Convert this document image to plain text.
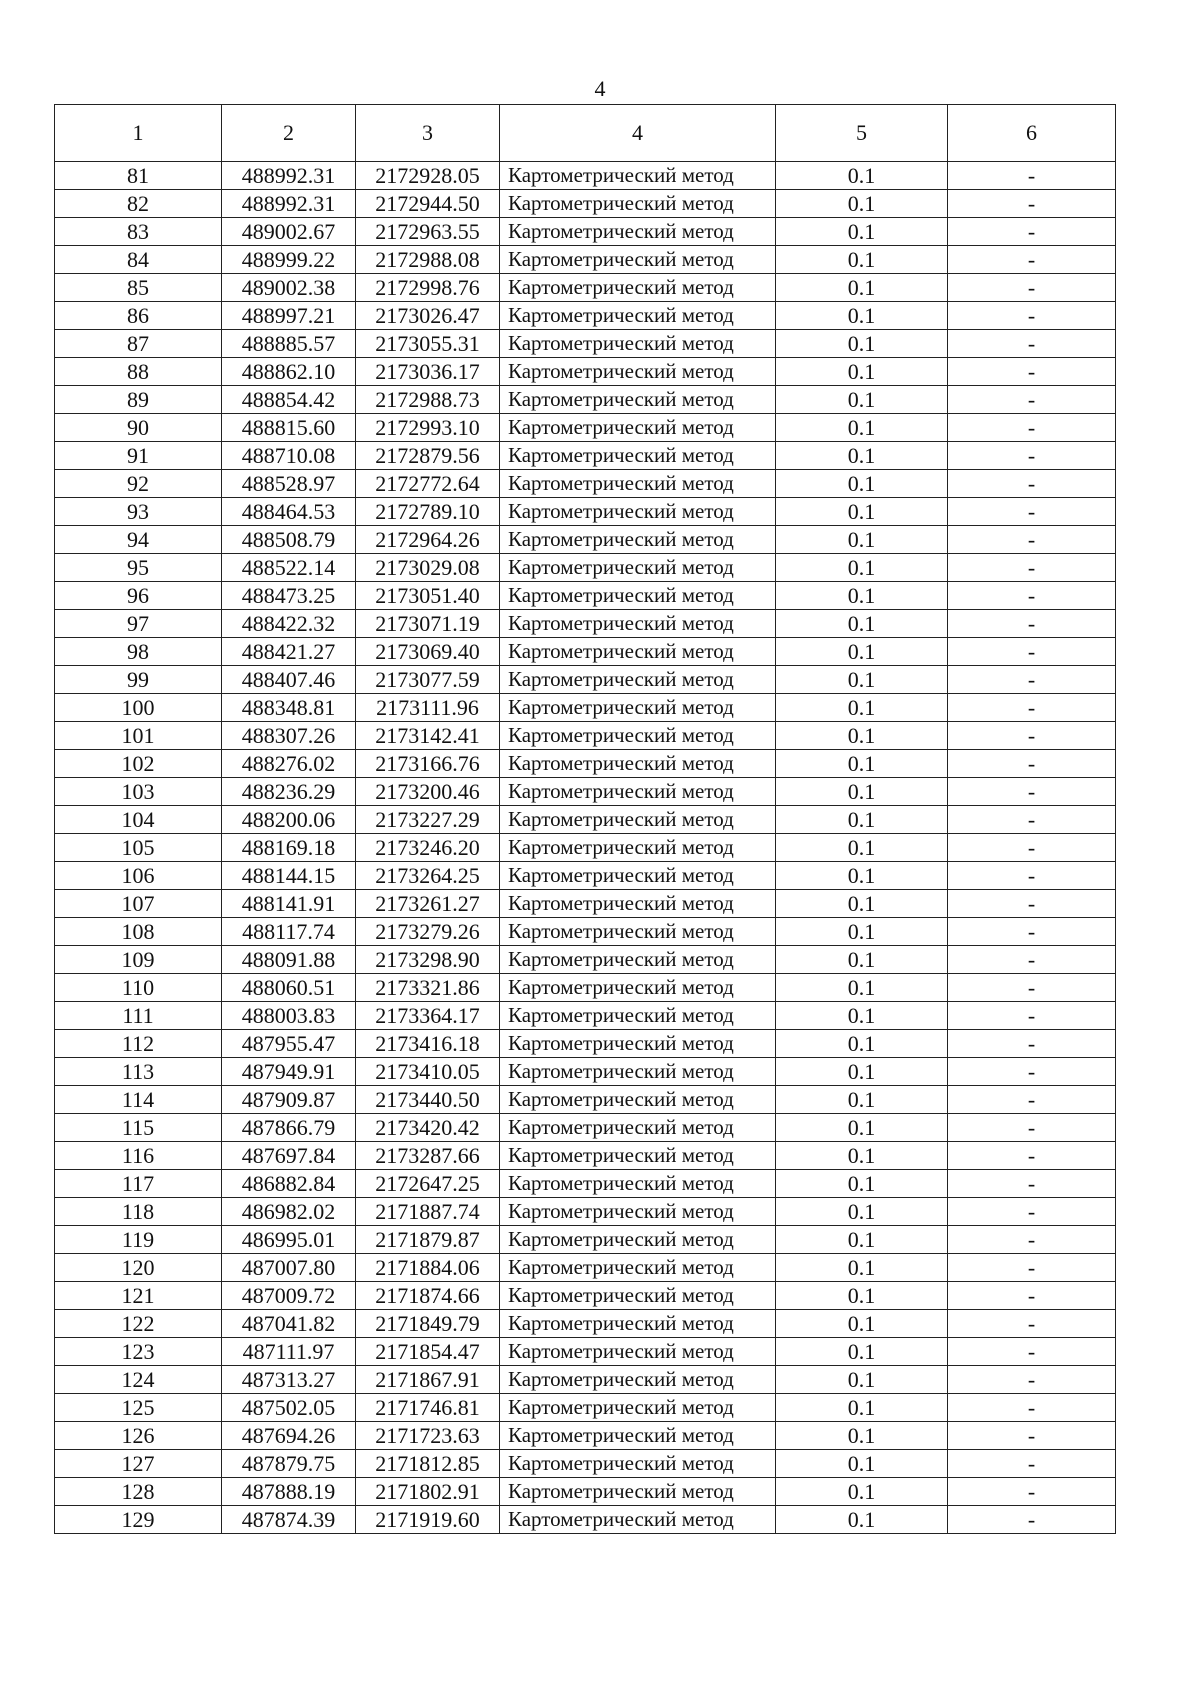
4
1	2	3	4	5	6
81	488992.31	2172928.05	Картометрический метод	0.1	-
82	488992.31	2172944.50	Картометрический метод	0.1	-
83	489002.67	2172963.55	Картометрический метод	0.1	-
84	488999.22	2172988.08	Картометрический метод	0.1	-
85	489002.38	2172998.76	Картометрический метод	0.1	-
86	488997.21	2173026.47	Картометрический метод	0.1	-
87	488885.57	2173055.31	Картометрический метод	0.1	-
88	488862.10	2173036.17	Картометрический метод	0.1	-
89	488854.42	2172988.73	Картометрический метод	0.1	-
90	488815.60	2172993.10	Картометрический метод	0.1	-
91	488710.08	2172879.56	Картометрический метод	0.1	-
92	488528.97	2172772.64	Картометрический метод	0.1	-
93	488464.53	2172789.10	Картометрический метод	0.1	-
94	488508.79	2172964.26	Картометрический метод	0.1	-
95	488522.14	2173029.08	Картометрический метод	0.1	-
96	488473.25	2173051.40	Картометрический метод	0.1	-
97	488422.32	2173071.19	Картометрический метод	0.1	-
98	488421.27	2173069.40	Картометрический метод	0.1	-
99	488407.46	2173077.59	Картометрический метод	0.1	-
100	488348.81	2173111.96	Картометрический метод	0.1	-
101	488307.26	2173142.41	Картометрический метод	0.1	-
102	488276.02	2173166.76	Картометрический метод	0.1	-
103	488236.29	2173200.46	Картометрический метод	0.1	-
104	488200.06	2173227.29	Картометрический метод	0.1	-
105	488169.18	2173246.20	Картометрический метод	0.1	-
106	488144.15	2173264.25	Картометрический метод	0.1	-
107	488141.91	2173261.27	Картометрический метод	0.1	-
108	488117.74	2173279.26	Картометрический метод	0.1	-
109	488091.88	2173298.90	Картометрический метод	0.1	-
110	488060.51	2173321.86	Картометрический метод	0.1	-
111	488003.83	2173364.17	Картометрический метод	0.1	-
112	487955.47	2173416.18	Картометрический метод	0.1	-
113	487949.91	2173410.05	Картометрический метод	0.1	-
114	487909.87	2173440.50	Картометрический метод	0.1	-
115	487866.79	2173420.42	Картометрический метод	0.1	-
116	487697.84	2173287.66	Картометрический метод	0.1	-
117	486882.84	2172647.25	Картометрический метод	0.1	-
118	486982.02	2171887.74	Картометрический метод	0.1	-
119	486995.01	2171879.87	Картометрический метод	0.1	-
120	487007.80	2171884.06	Картометрический метод	0.1	-
121	487009.72	2171874.66	Картометрический метод	0.1	-
122	487041.82	2171849.79	Картометрический метод	0.1	-
123	487111.97	2171854.47	Картометрический метод	0.1	-
124	487313.27	2171867.91	Картометрический метод	0.1	-
125	487502.05	2171746.81	Картометрический метод	0.1	-
126	487694.26	2171723.63	Картометрический метод	0.1	-
127	487879.75	2171812.85	Картометрический метод	0.1	-
128	487888.19	2171802.91	Картометрический метод	0.1	-
129	487874.39	2171919.60	Картометрический метод	0.1	-
